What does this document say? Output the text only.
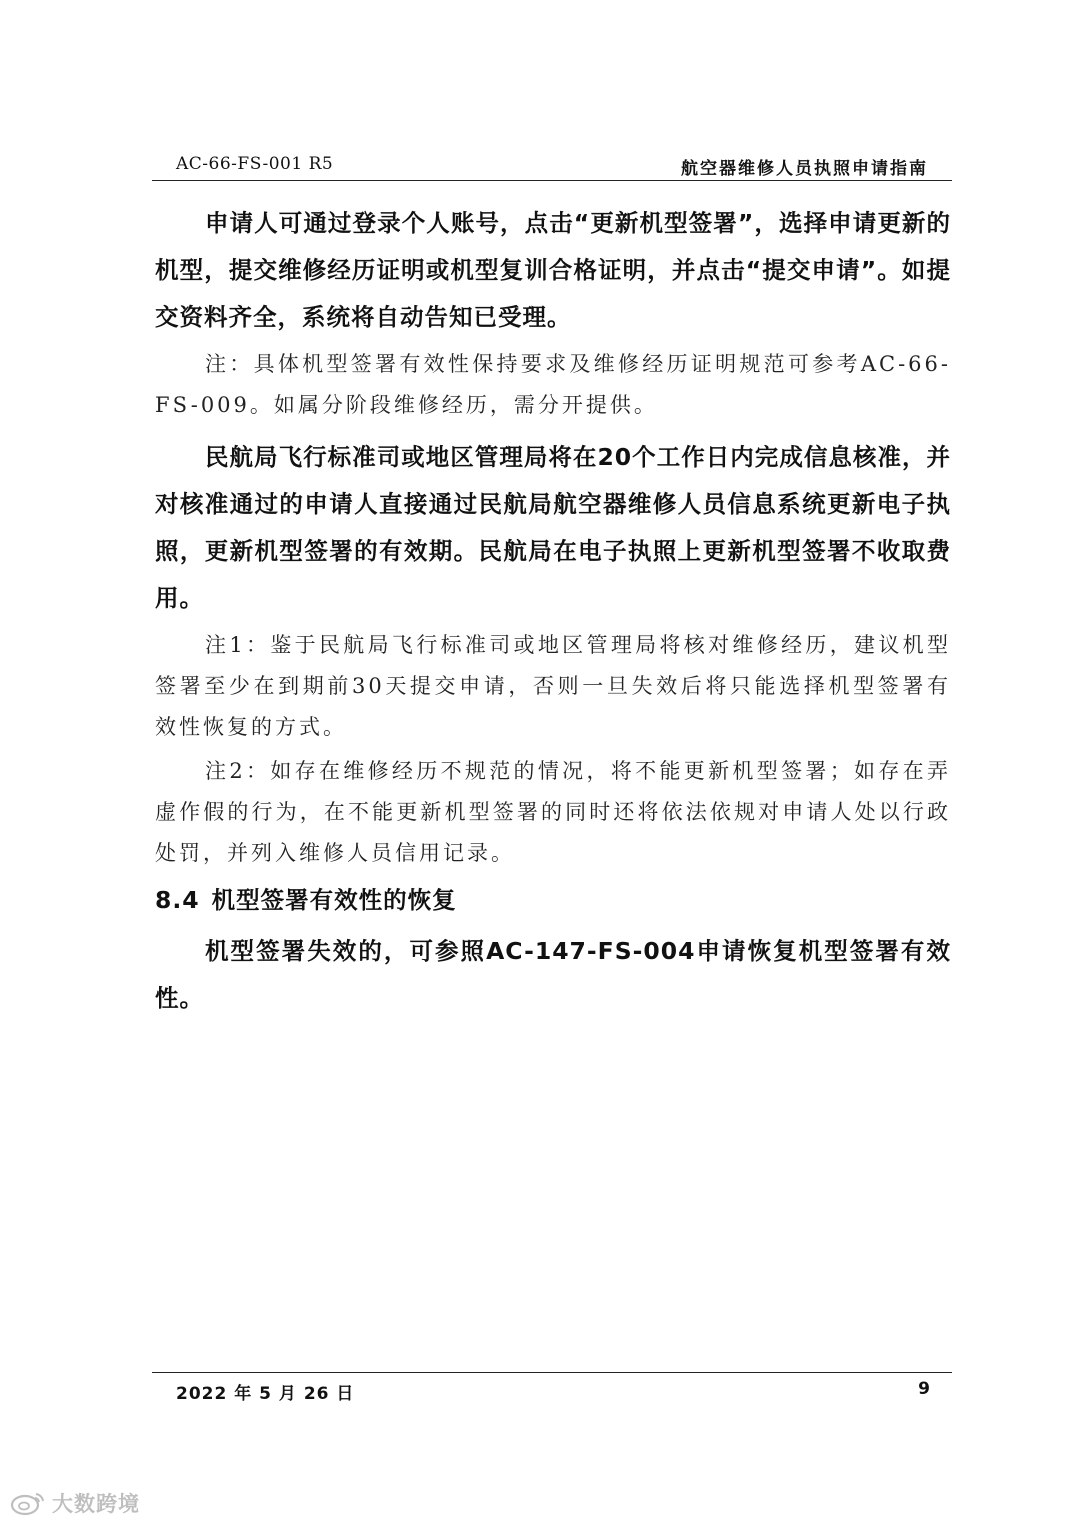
AC-66-FS-001 R5	航空器维修人员执照申请指南

申请人可通过登录个人账号，点击“更新机型签署”，选择申请更新的机型，提交维修经历证明或机型复训合格证明，并点击“提交申请”。如提交资料齐全，系统将自动告知已受理。

注：具体机型签署有效性保持要求及维修经历证明规范可参考AC-66-FS-009。如属分阶段维修经历，需分开提供。

民航局飞行标准司或地区管理局将在20个工作日内完成信息核准，并对核准通过的申请人直接通过民航局航空器维修人员信息系统更新电子执照，更新机型签署的有效期。民航局在电子执照上更新机型签署不收取费用。

注1：鉴于民航局飞行标准司或地区管理局将核对维修经历，建议机型签署至少在到期前30天提交申请，否则一旦失效后将只能选择机型签署有效性恢复的方式。

注2：如存在维修经历不规范的情况，将不能更新机型签署；如存在弄虚作假的行为，在不能更新机型签署的同时还将依法依规对申请人处以行政处罚，并列入维修人员信用记录。

8.4 机型签署有效性的恢复

机型签署失效的，可参照AC-147-FS-004申请恢复机型签署有效性。

2022 年 5 月 26 日	9
大数跨境
